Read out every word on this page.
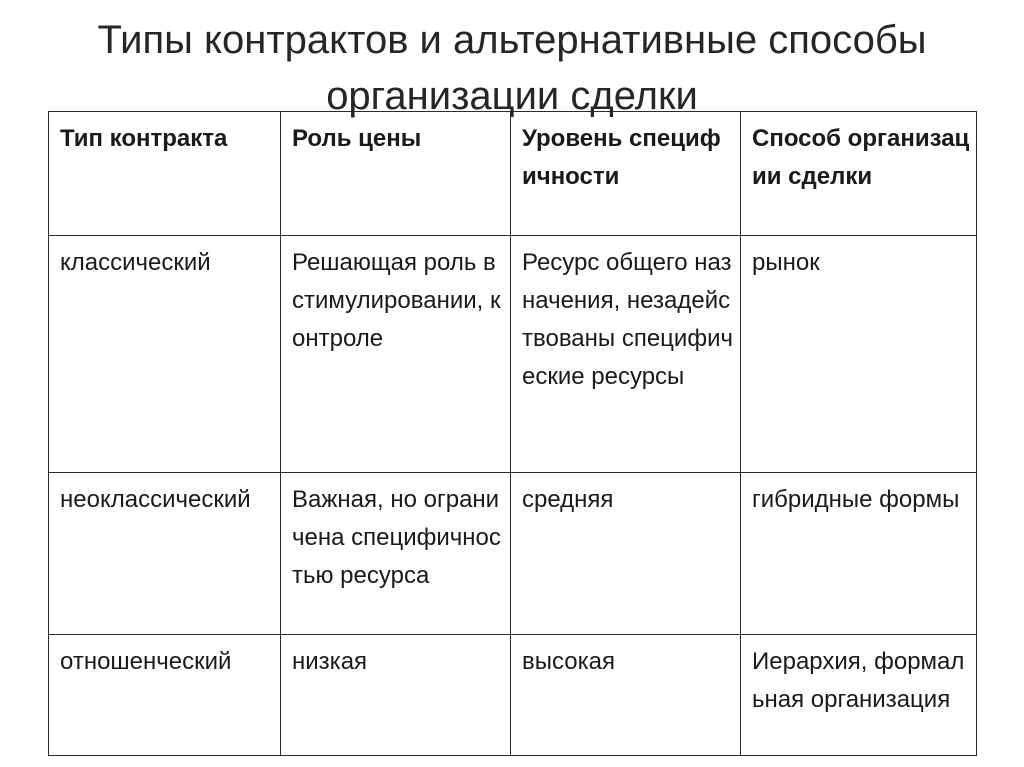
Типы контрактов и альтернативные способы
организации сделки
Тип контракта	Роль цены	Уровень специфичности	Способ организации сделки
классический	Решающая роль в стимулировании, контроле	Ресурс общего назначения, незадействованы специфические ресурсы	рынок
неоклассический	Важная, но ограничена специфичностью ресурса	средняя	гибридные формы
отношенческий	низкая	высокая	Иерархия, формальная организация
